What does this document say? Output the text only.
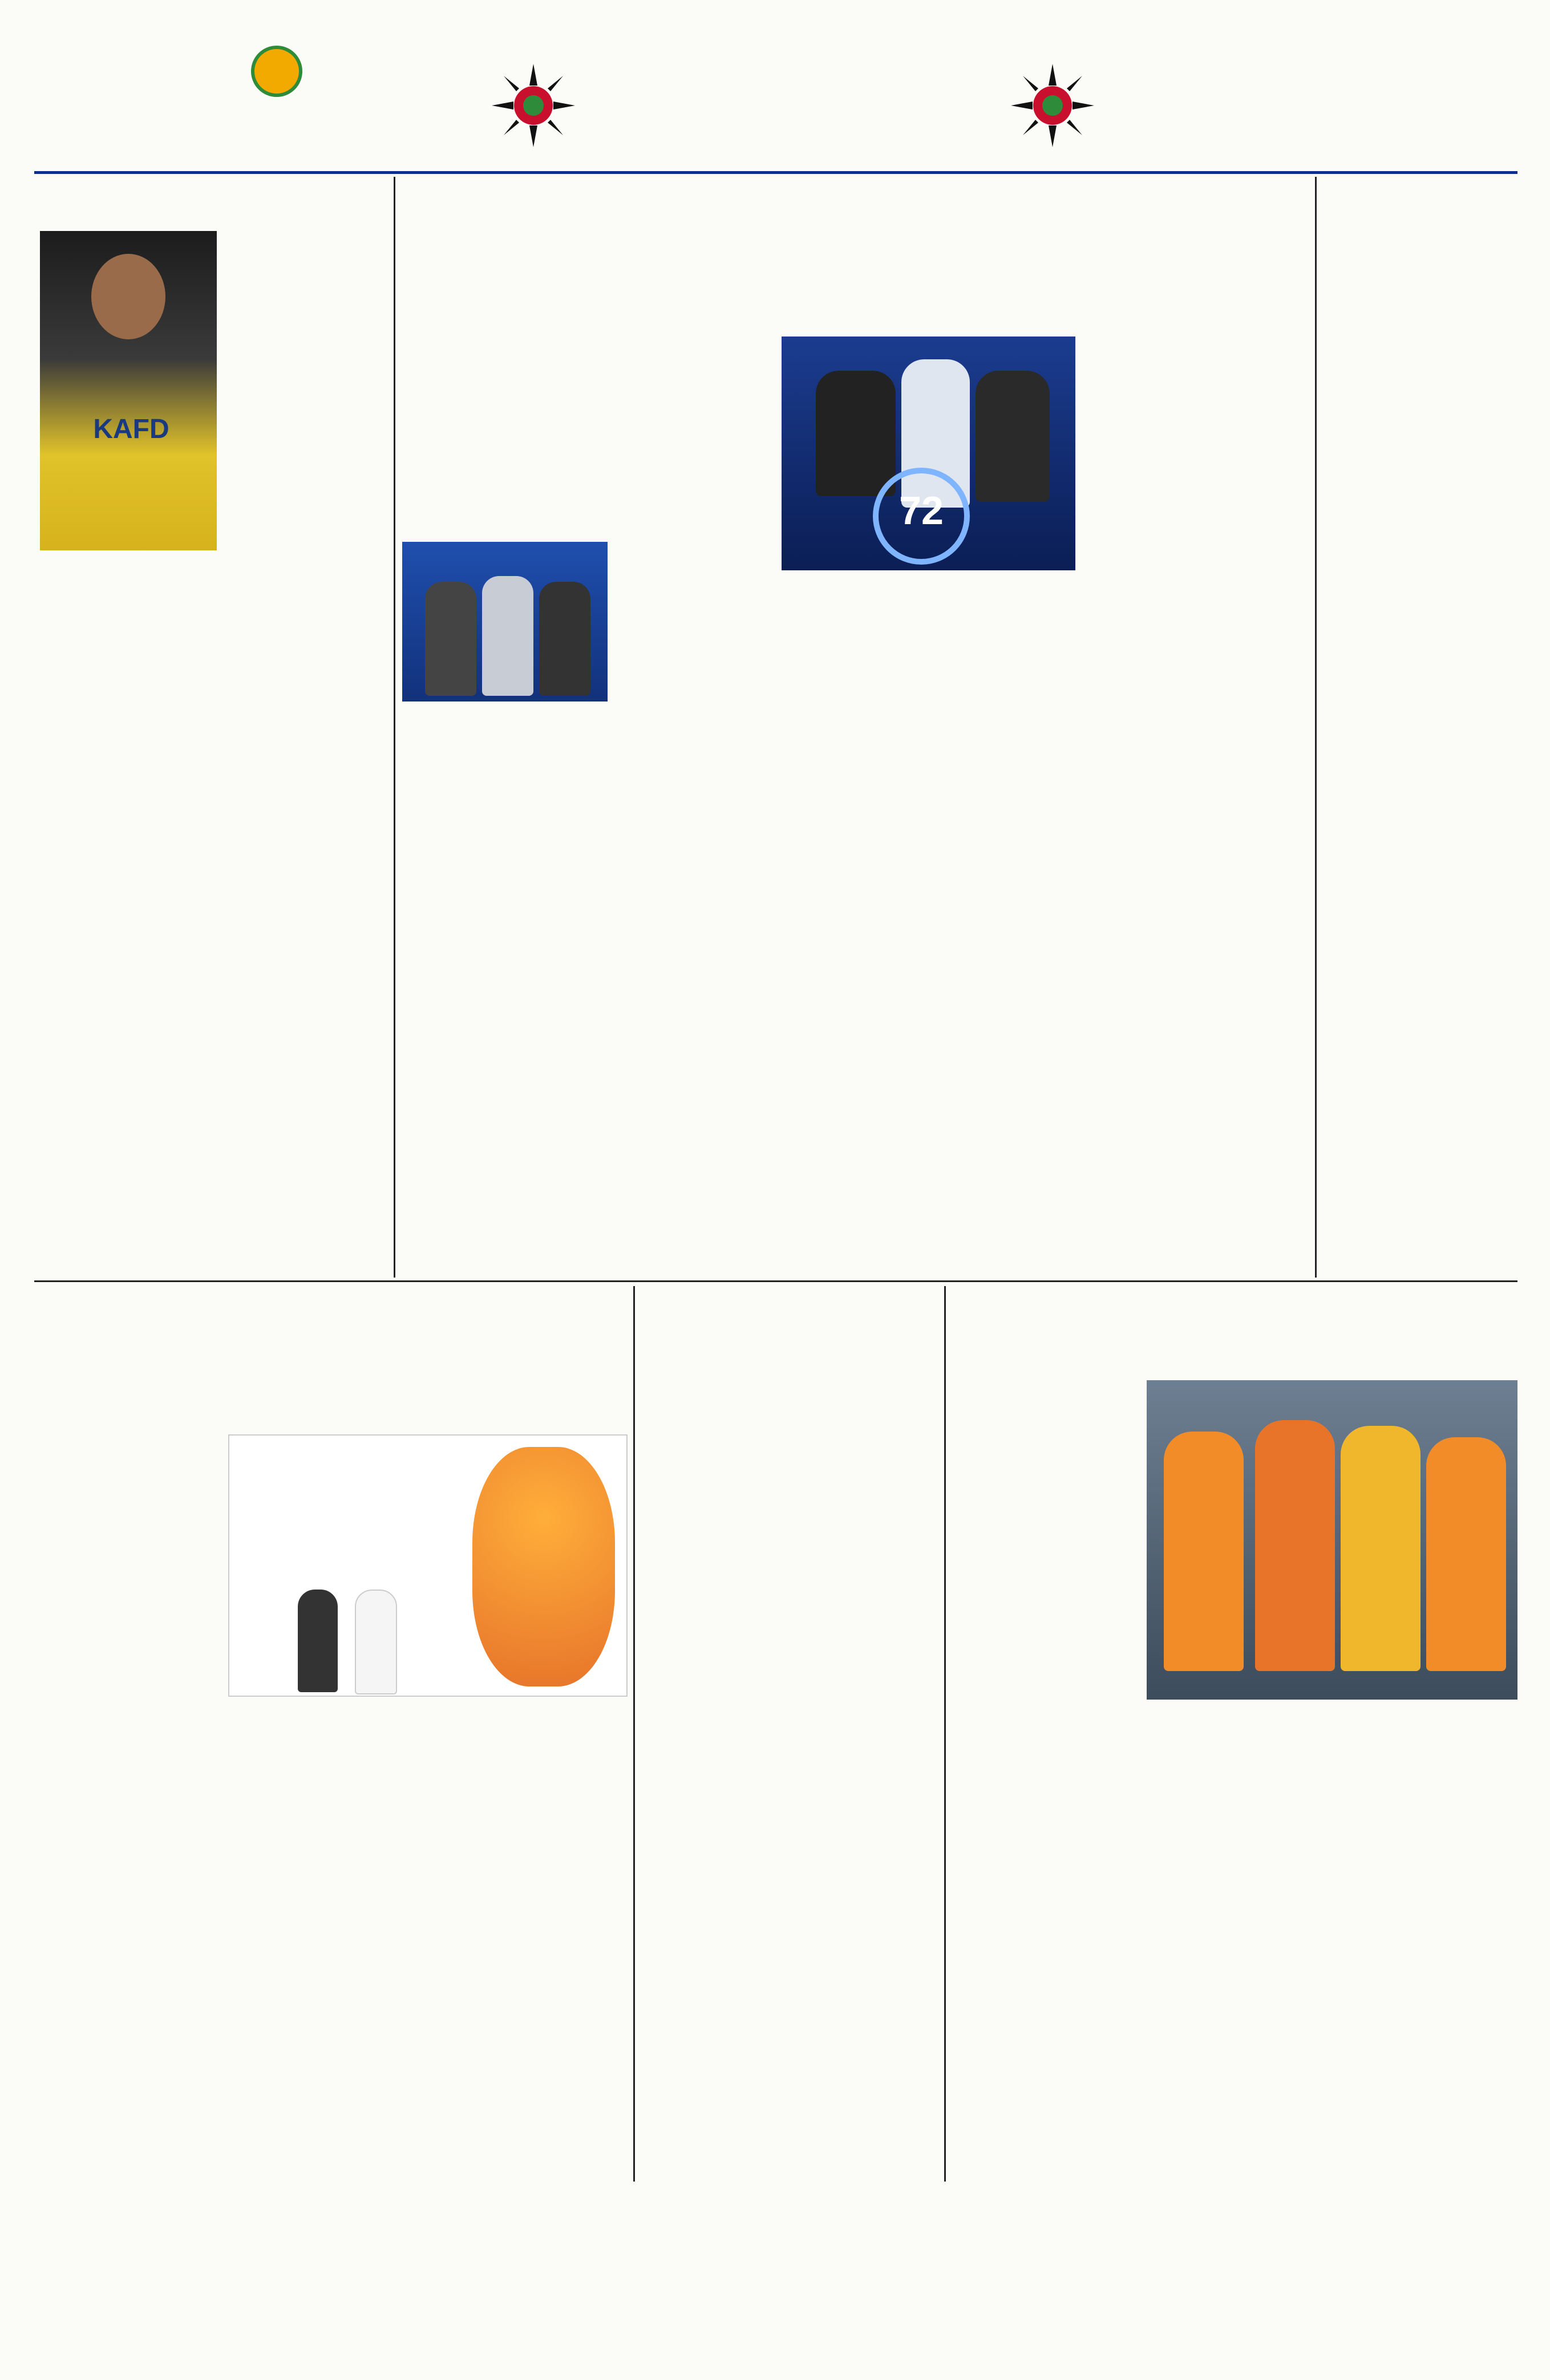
KAFD
72
